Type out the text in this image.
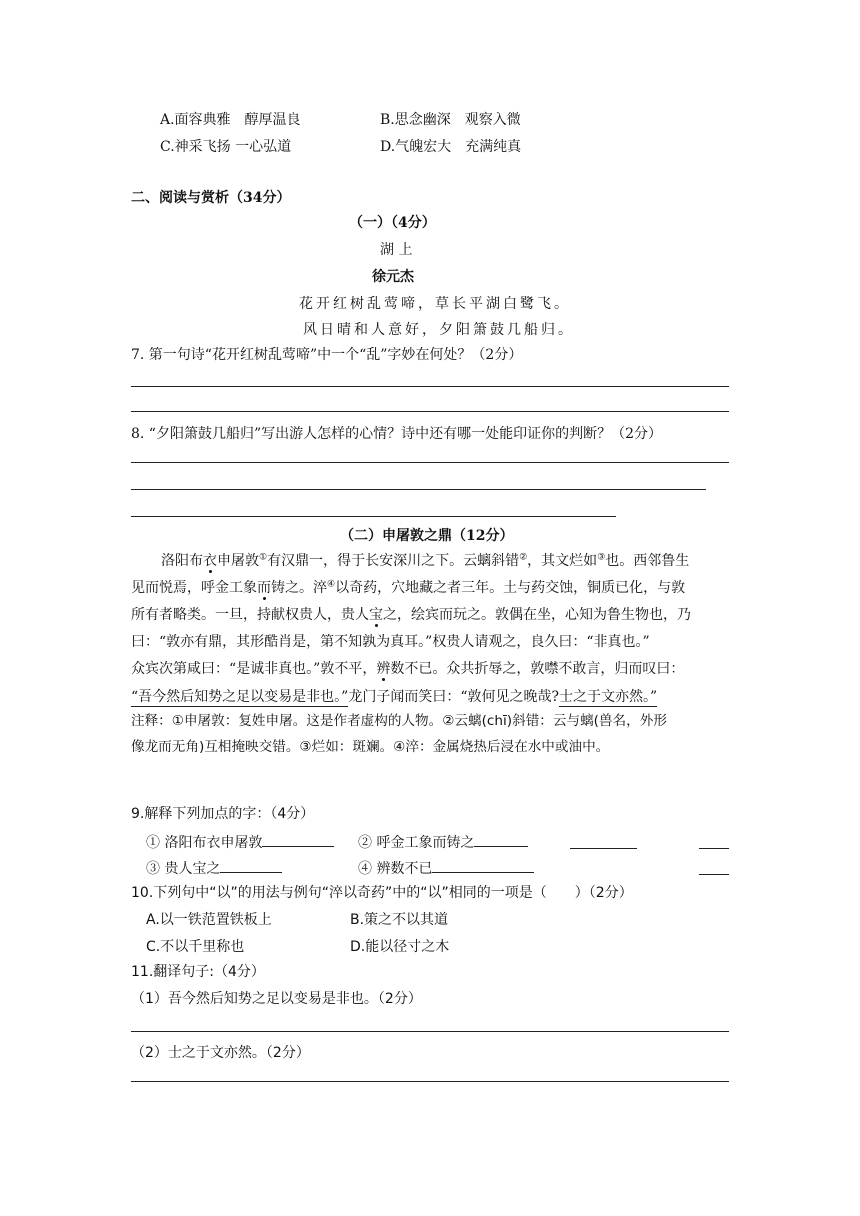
A.面容典雅　醇厚温良	B.思念幽深　观察入微
C.神采飞扬 一心弘道	D.气魄宏大　充满纯真
二、阅读与赏析（34分）
（一）（4分）
湖 上
徐元杰
花开红树乱莺啼，草长平湖白鹭飞。
风日晴和人意好，夕阳箫鼓几船归。
7. 第一句诗“花开红树乱莺啼”中一个“乱”字妙在何处？（2分）
8. “夕阳箫鼓几船归”写出游人怎样的心情？诗中还有哪一处能印证你的判断？（2分）
（二）申屠敦之鼎（12分）
洛阳布衣申屠敦①有汉鼎一，得于长安深川之下。云螭斜错②，其文烂如③也。西邻鲁生
见而悦焉，呼金工象而铸之。淬④以奇药，穴地藏之者三年。土与药交蚀，铜质已化，与敦
所有者略类。一旦，持献权贵人，贵人宝之，绘宾而玩之。敦偶在坐，心知为鲁生物也，乃
曰：“敦亦有鼎，其形酷肖是，第不知孰为真耳。”权贵人请观之，良久曰：“非真也。”
众宾次第咸曰：“是诚非真也。”敦不平，辨数不已。众共折辱之，敦噤不敢言，归而叹曰：
“吾今然后知势之足以变易是非也。”龙门子闻而笑曰：“敦何见之晚哉?士之于文亦然。”
注释：①申屠敦：复姓申屠。这是作者虚构的人物。②云螭(chī)斜错：云与螭(兽名，外形
像龙而无角)互相掩映交错。③烂如：斑斓。④淬：金属烧热后浸在水中或油中。
9.解释下列加点的字：（4分）
① 洛阳布衣申屠敦	② 呼金工象而铸之
③ 贵人宝之	④ 辨数不已
10.下列句中“以”的用法与例句“淬以奇药”中的“以”相同的一项是（　　）（2分）
A.以一铁范置铁板上	B.策之不以其道
C.不以千里称也	D.能以径寸之木
11.翻译句子:（4分）
（1）吾今然后知势之足以变易是非也。（2分）
（2）士之于文亦然。（2分）
